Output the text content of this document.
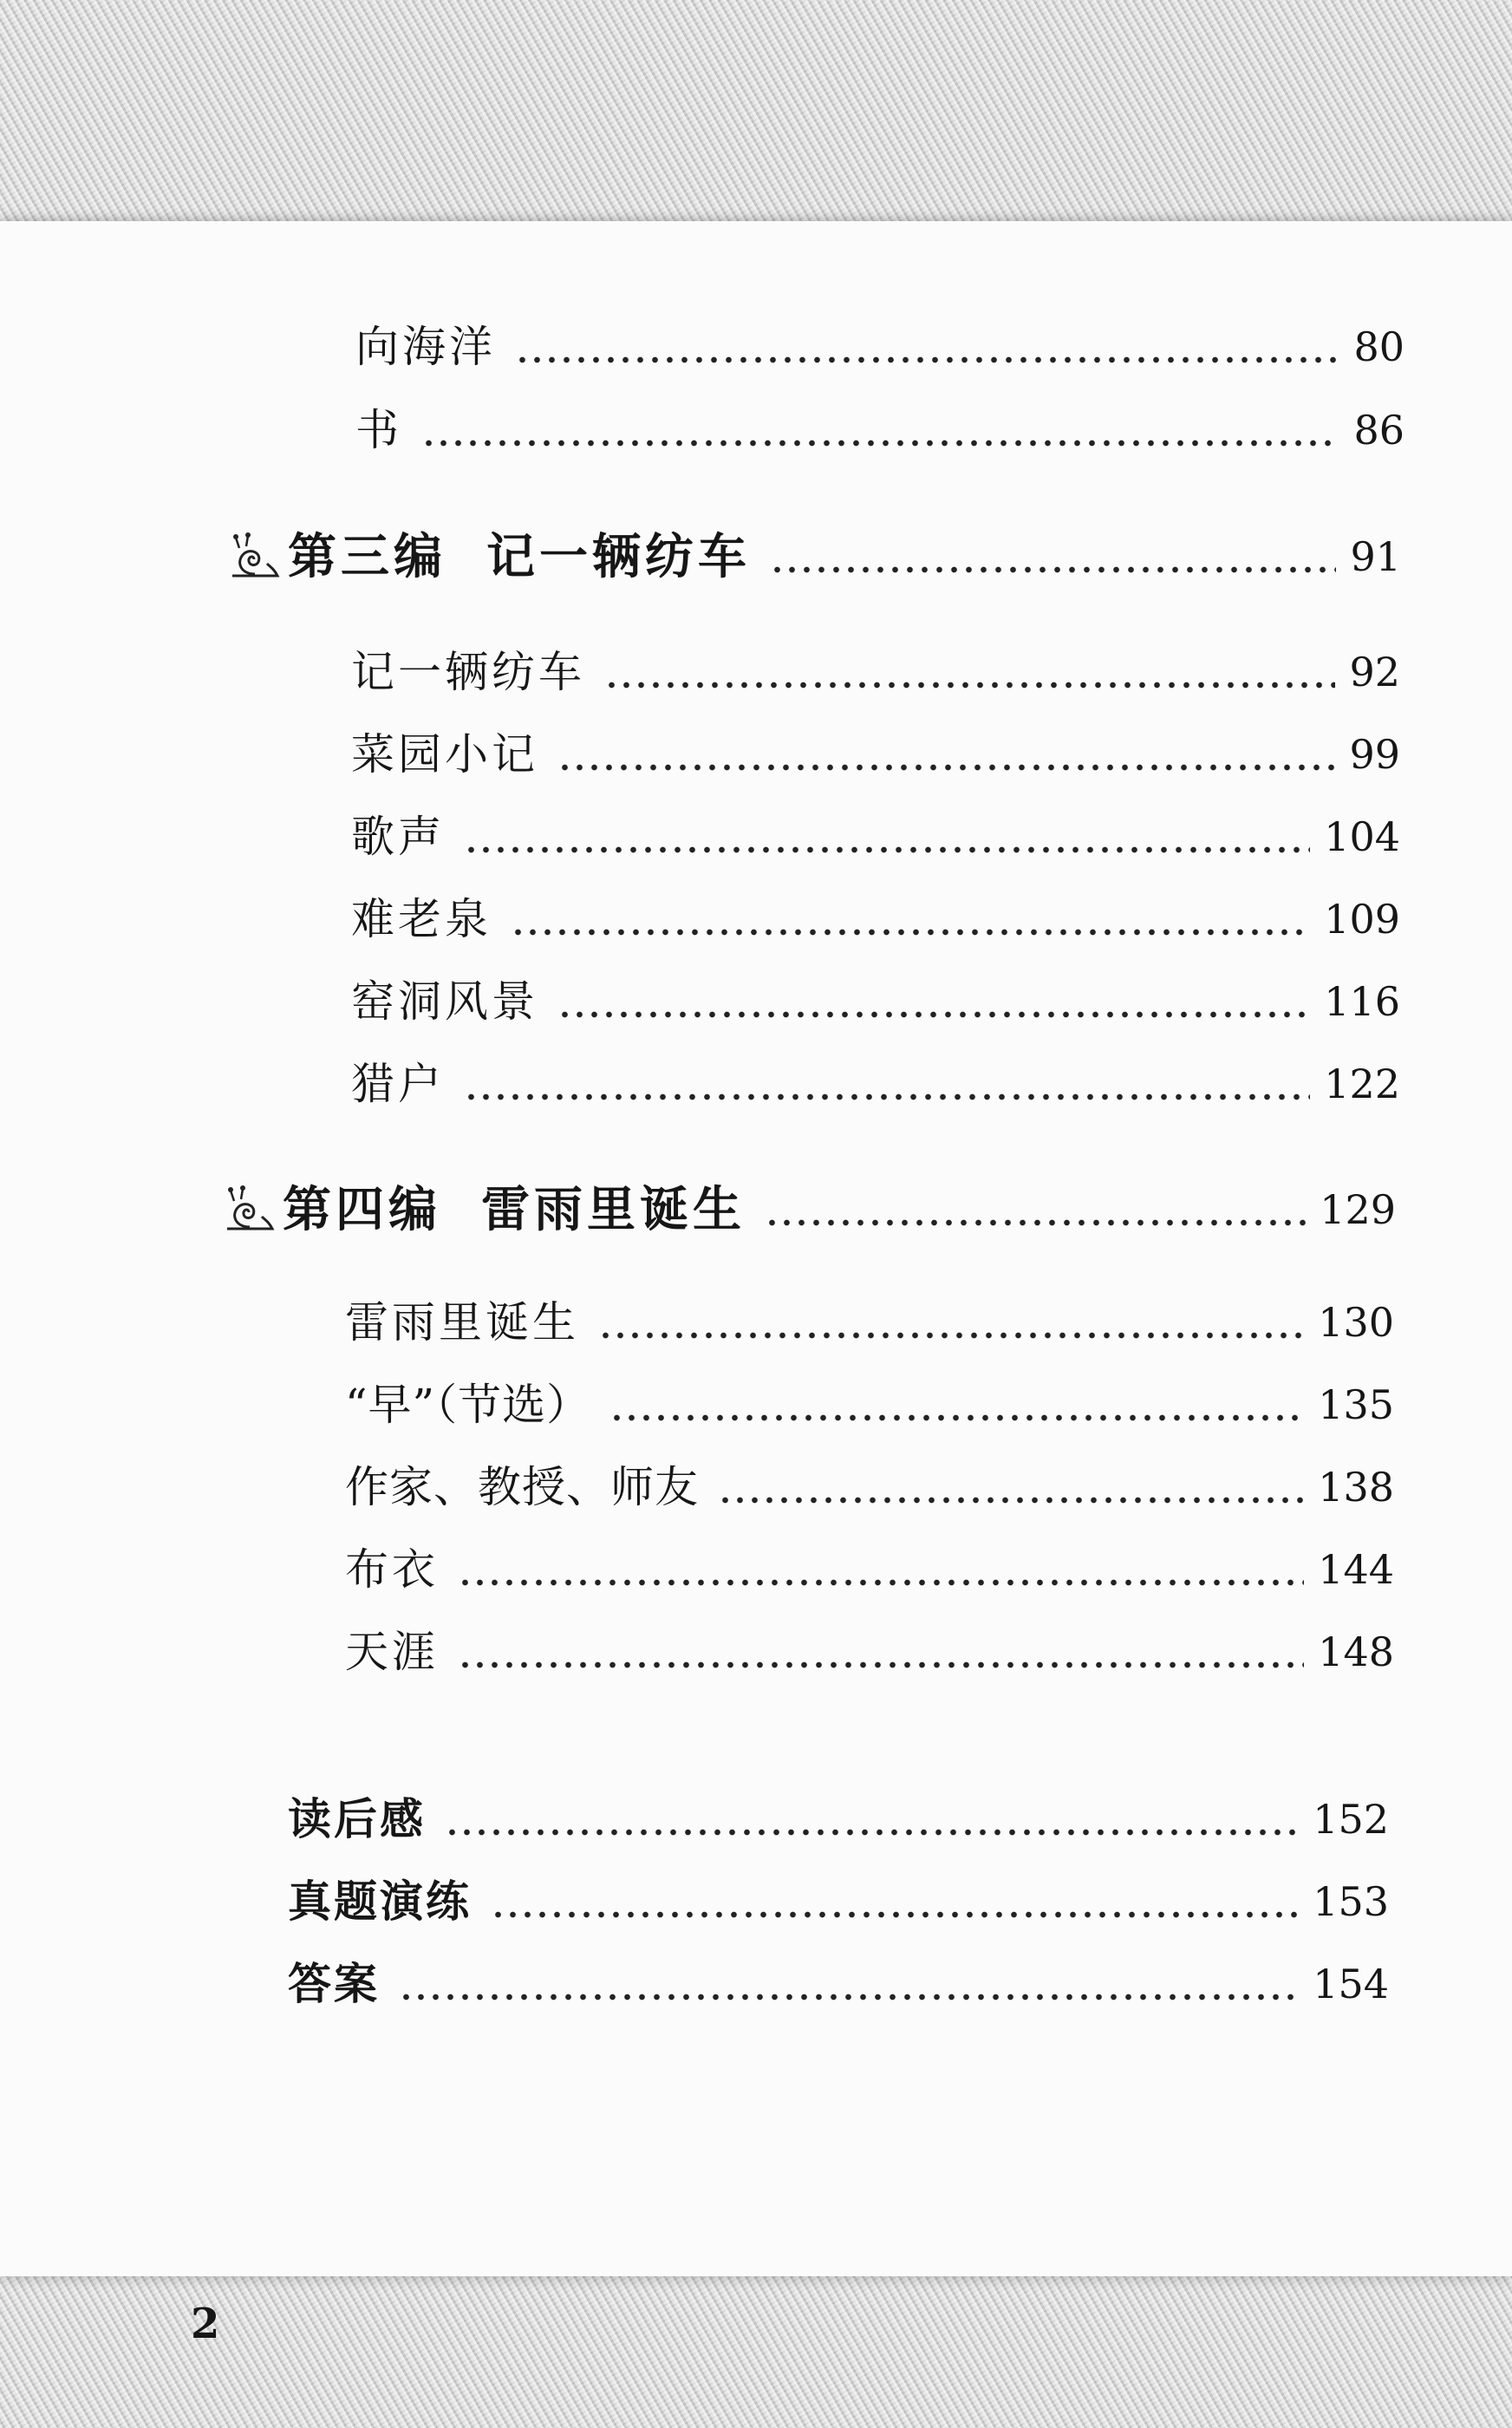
向海洋	80
书	86
第三编 记一辆纺车	91
记一辆纺车	92
菜园小记	99
歌声	104
难老泉	109
窑洞风景	116
猎户	122
第四编 雷雨里诞生	129
雷雨里诞生	130
“早”（节选）	135
作家、教授、师友	138
布衣	144
天涯	148
读后感	152
真题演练	153
答案	154
2
